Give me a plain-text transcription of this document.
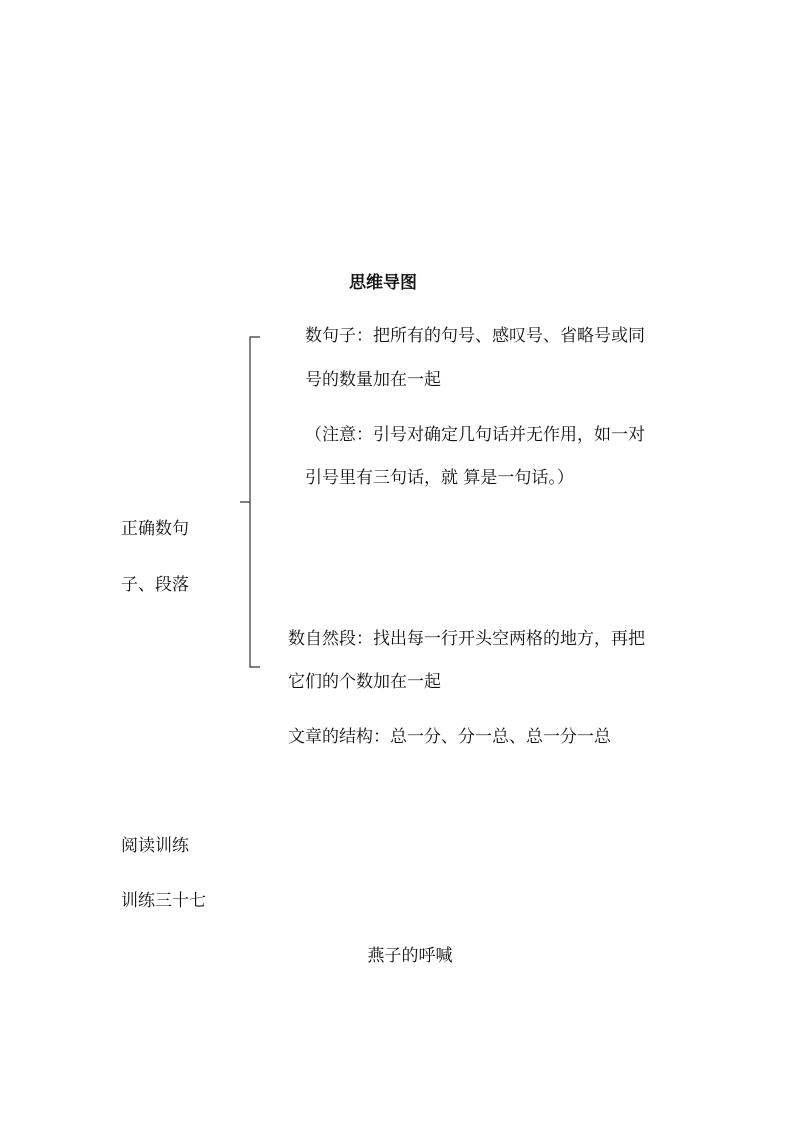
思维导图
数句子：把所有的句号、感叹号、省略号或同
号的数量加在一起
（注意：引号对确定几句话并无作用，如一对
引号里有三句话，就 算是一句话。）
正确数句
子、段落
数自然段：找出每一行开头空两格的地方，再把
它们的个数加在一起
文章的结构：总一分、分一总、总一分一总
阅读训练
训练三十七
燕子的呼喊
